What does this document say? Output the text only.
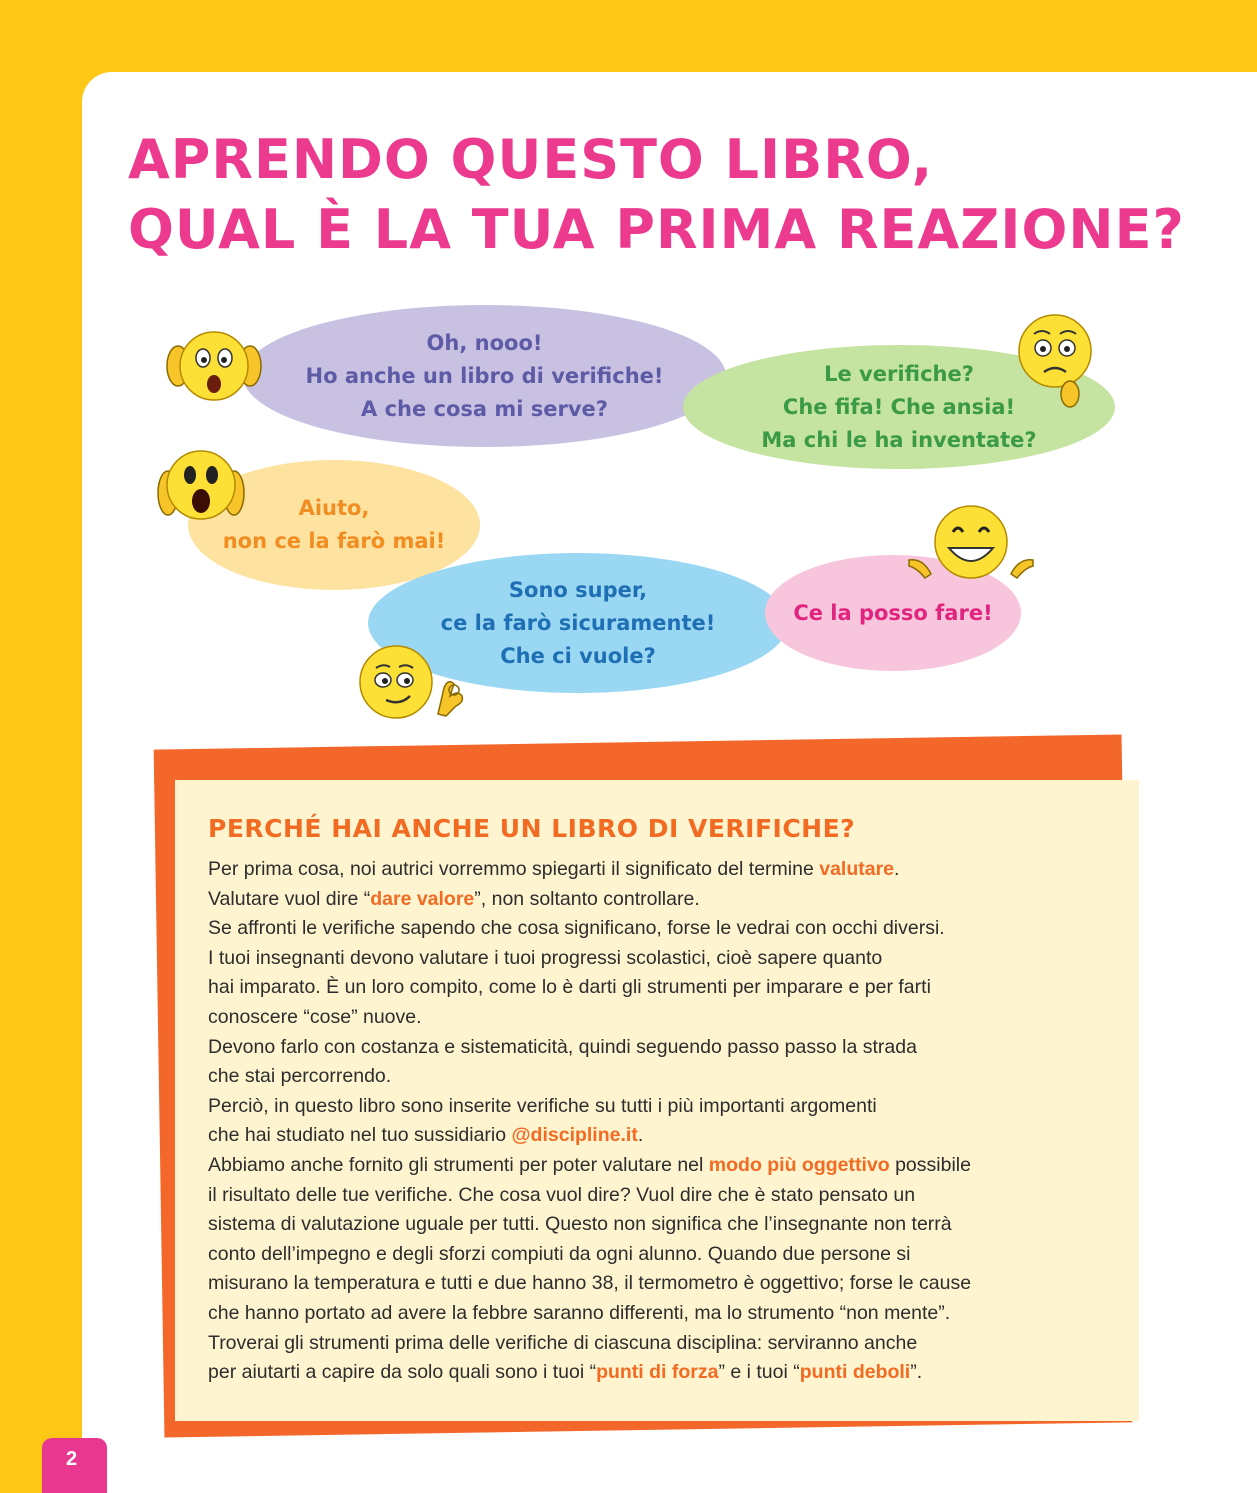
APRENDO QUESTO LIBRO,
QUAL È LA TUA PRIMA REAZIONE?
Oh, nooo!
Ho anche un libro di verifiche!
A che cosa mi serve?
Le verifiche?
Che fifa! Che ansia!
Ma chi le ha inventate?
Aiuto,
non ce la farò mai!
Sono super,
ce la farò sicuramente!
Che ci vuole?
Ce la posso fare!
PERCHÉ HAI ANCHE UN LIBRO DI VERIFICHE?

Per prima cosa, noi autrici vorremmo spiegarti il significato del termine valutare.

Valutare vuol dire “dare valore”, non soltanto controllare.

Se affronti le verifiche sapendo che cosa significano, forse le vedrai con occhi diversi.

I tuoi insegnanti devono valutare i tuoi progressi scolastici, cioè sapere quanto

hai imparato. È un loro compito, come lo è darti gli strumenti per imparare e per farti

conoscere “cose” nuove.

Devono farlo con costanza e sistematicità, quindi seguendo passo passo la strada

che stai percorrendo.

Perciò, in questo libro sono inserite verifiche su tutti i più importanti argomenti

che hai studiato nel tuo sussidiario @discipline.it.

Abbiamo anche fornito gli strumenti per poter valutare nel modo più oggettivo possibile

il risultato delle tue verifiche. Che cosa vuol dire? Vuol dire che è stato pensato un

sistema di valutazione uguale per tutti. Questo non significa che l’insegnante non terrà

conto dell’impegno e degli sforzi compiuti da ogni alunno. Quando due persone si

misurano la temperatura e tutti e due hanno 38, il termometro è oggettivo; forse le cause

che hanno portato ad avere la febbre saranno differenti, ma lo strumento “non mente”.

Troverai gli strumenti prima delle verifiche di ciascuna disciplina: serviranno anche

per aiutarti a capire da solo quali sono i tuoi “punti di forza” e i tuoi “punti deboli”.

2
